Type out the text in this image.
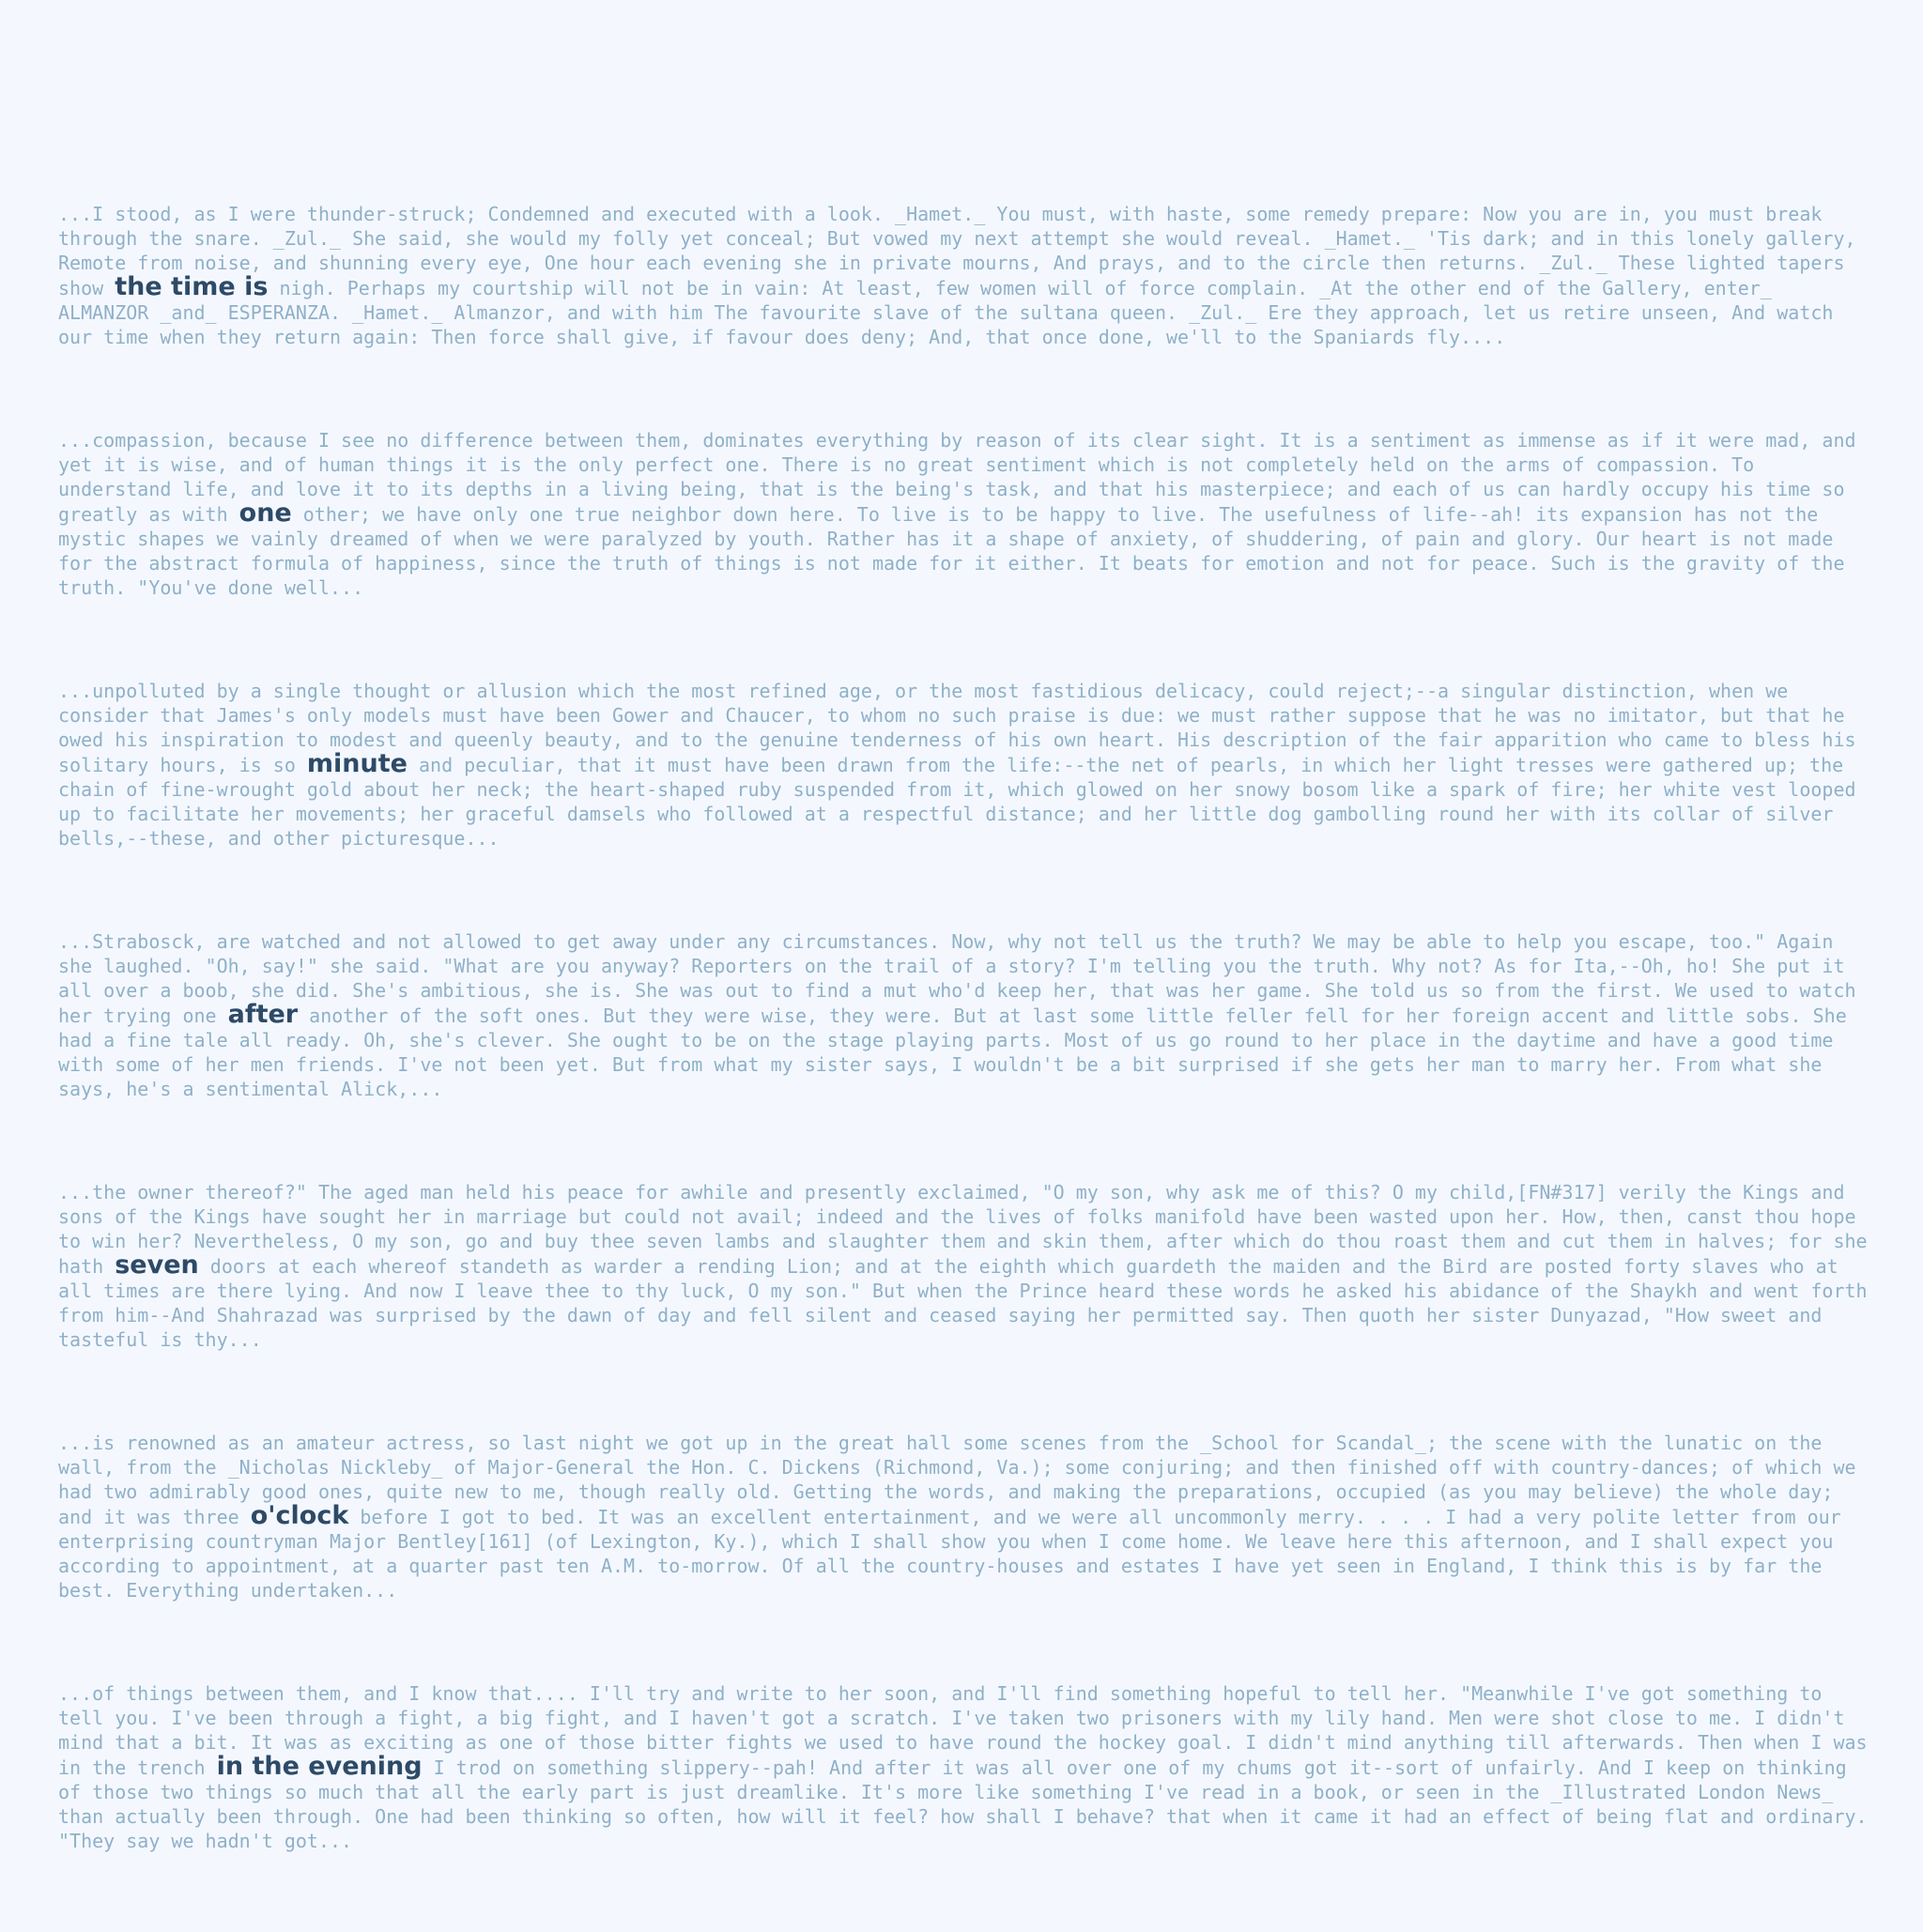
...I stood, as I were thunder-struck; Condemned and executed with a look. _Hamet._ You must, with haste, some remedy prepare: Now you are in, you must break through the snare. _Zul._ She said, she would my folly yet conceal; But vowed my next attempt she would reveal. _Hamet._ 'Tis dark; and in this lonely gallery, Remote from noise, and shunning every eye, One hour each evening she in private mourns, And prays, and to the circle then returns. _Zul._ These lighted tapers show the time is nigh. Perhaps my courtship will not be in vain: At least, few women will of force complain. _At the other end of the Gallery, enter_ ALMANZOR _and_ ESPERANZA. _Hamet._ Almanzor, and with him The favourite slave of the sultana queen. _Zul._ Ere they approach, let us retire unseen, And watch our time when they return again: Then force shall give, if favour does deny; And, that once done, we'll to the Spaniards fly....

...compassion, because I see no difference between them, dominates everything by reason of its clear sight. It is a sentiment as immense as if it were mad, and yet it is wise, and of human things it is the only perfect one. There is no great sentiment which is not completely held on the arms of compassion. To understand life, and love it to its depths in a living being, that is the being's task, and that his masterpiece; and each of us can hardly occupy his time so greatly as with one other; we have only one true neighbor down here. To live is to be happy to live. The usefulness of life--ah! its expansion has not the mystic shapes we vainly dreamed of when we were paralyzed by youth. Rather has it a shape of anxiety, of shuddering, of pain and glory. Our heart is not made for the abstract formula of happiness, since the truth of things is not made for it either. It beats for emotion and not for peace. Such is the gravity of the truth. "You've done well...

...unpolluted by a single thought or allusion which the most refined age, or the most fastidious delicacy, could reject;--a singular distinction, when we consider that James's only models must have been Gower and Chaucer, to whom no such praise is due: we must rather suppose that he was no imitator, but that he owed his inspiration to modest and queenly beauty, and to the genuine tenderness of his own heart. His description of the fair apparition who came to bless his solitary hours, is so minute and peculiar, that it must have been drawn from the life:--the net of pearls, in which her light tresses were gathered up; the chain of fine-wrought gold about her neck; the heart-shaped ruby suspended from it, which glowed on her snowy bosom like a spark of fire; her white vest looped up to facilitate her movements; her graceful damsels who followed at a respectful distance; and her little dog gambolling round her with its collar of silver bells,--these, and other picturesque...

...Strabosck, are watched and not allowed to get away under any circumstances. Now, why not tell us the truth? We may be able to help you escape, too." Again she laughed. "Oh, say!" she said. "What are you anyway? Reporters on the trail of a story? I'm telling you the truth. Why not? As for Ita,--Oh, ho! She put it all over a boob, she did. She's ambitious, she is. She was out to find a mut who'd keep her, that was her game. She told us so from the first. We used to watch her trying one after another of the soft ones. But they were wise, they were. But at last some little feller fell for her foreign accent and little sobs. She had a fine tale all ready. Oh, she's clever. She ought to be on the stage playing parts. Most of us go round to her place in the daytime and have a good time with some of her men friends. I've not been yet. But from what my sister says, I wouldn't be a bit surprised if she gets her man to marry her. From what she says, he's a sentimental Alick,...

...the owner thereof?" The aged man held his peace for awhile and presently exclaimed, "O my son, why ask me of this? O my child,[FN#317] verily the Kings and sons of the Kings have sought her in marriage but could not avail; indeed and the lives of folks manifold have been wasted upon her. How, then, canst thou hope to win her? Nevertheless, O my son, go and buy thee seven lambs and slaughter them and skin them, after which do thou roast them and cut them in halves; for she hath seven doors at each whereof standeth as warder a rending Lion; and at the eighth which guardeth the maiden and the Bird are posted forty slaves who at all times are there lying. And now I leave thee to thy luck, O my son." But when the Prince heard these words he asked his abidance of the Shaykh and went forth from him--And Shahrazad was surprised by the dawn of day and fell silent and ceased saying her permitted say. Then quoth her sister Dunyazad, "How sweet and tasteful is thy...

...is renowned as an amateur actress, so last night we got up in the great hall some scenes from the _School for Scandal_; the scene with the lunatic on the wall, from the _Nicholas Nickleby_ of Major-General the Hon. C. Dickens (Richmond, Va.); some conjuring; and then finished off with country-dances; of which we had two admirably good ones, quite new to me, though really old. Getting the words, and making the preparations, occupied (as you may believe) the whole day; and it was three o'clock before I got to bed. It was an excellent entertainment, and we were all uncommonly merry. . . . I had a very polite letter from our enterprising countryman Major Bentley[161] (of Lexington, Ky.), which I shall show you when I come home. We leave here this afternoon, and I shall expect you according to appointment, at a quarter past ten A.M. to-morrow. Of all the country-houses and estates I have yet seen in England, I think this is by far the best. Everything undertaken...

...of things between them, and I know that.... I'll try and write to her soon, and I'll find something hopeful to tell her. "Meanwhile I've got something to tell you. I've been through a fight, a big fight, and I haven't got a scratch. I've taken two prisoners with my lily hand. Men were shot close to me. I didn't mind that a bit. It was as exciting as one of those bitter fights we used to have round the hockey goal. I didn't mind anything till afterwards. Then when I was in the trench in the evening I trod on something slippery--pah! And after it was all over one of my chums got it--sort of unfairly. And I keep on thinking of those two things so much that all the early part is just dreamlike. It's more like something I've read in a book, or seen in the _Illustrated London News_ than actually been through. One had been thinking so often, how will it feel? how shall I behave? that when it came it had an effect of being flat and ordinary. "They say we hadn't got...
